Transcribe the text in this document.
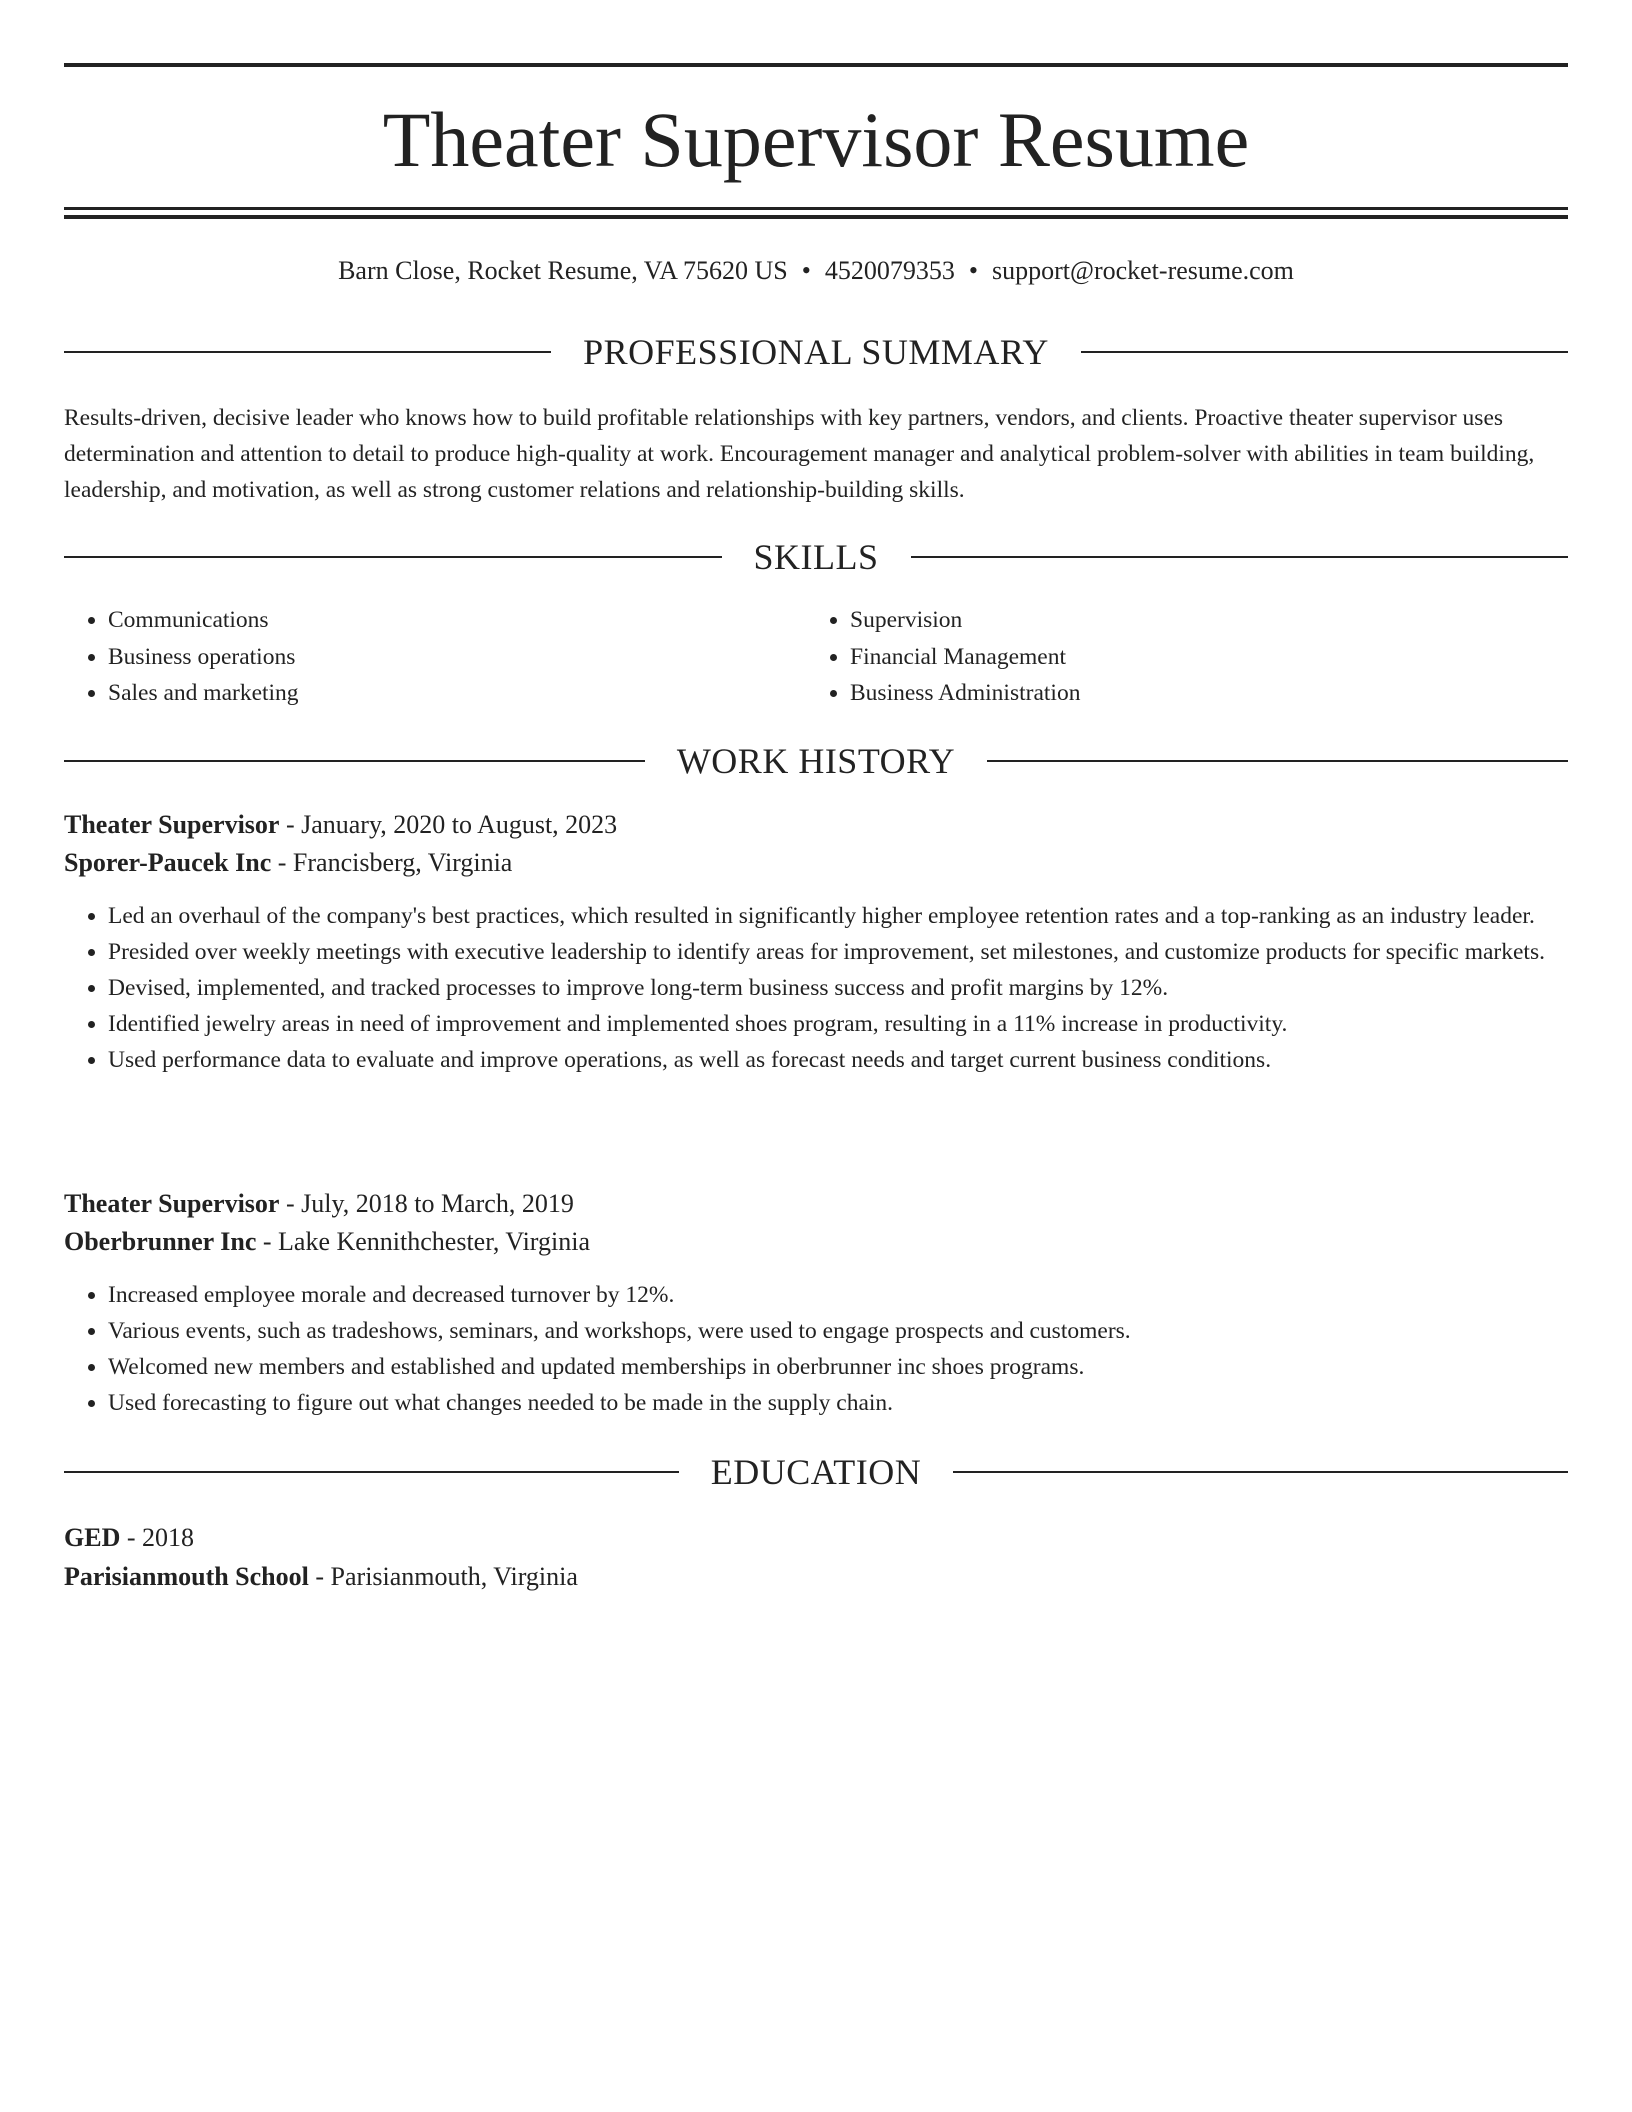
Theater Supervisor Resume
Barn Close, Rocket Resume, VA 75620 US • 4520079353 • support@rocket-resume.com
PROFESSIONAL SUMMARY

Results-driven, decisive leader who knows how to build profitable relationships with key partners, vendors, and clients. Proactive theater supervisor uses determination and attention to detail to produce high-quality at work. Encouragement manager and analytical problem-solver with abilities in team building, leadership, and motivation, as well as strong customer relations and relationship-building skills.

SKILLS
• Communications
• Business operations
• Sales and marketing
• Supervision
• Financial Management
• Business Administration
WORK HISTORY
Theater Supervisor - January, 2020 to August, 2023
Sporer-Paucek Inc - Francisberg, Virginia
• Led an overhaul of the company's best practices, which resulted in significantly higher employee retention rates and a top-ranking as an industry leader.
• Presided over weekly meetings with executive leadership to identify areas for improvement, set milestones, and customize products for specific markets.
• Devised, implemented, and tracked processes to improve long-term business success and profit margins by 12%.
• Identified jewelry areas in need of improvement and implemented shoes program, resulting in a 11% increase in productivity.
• Used performance data to evaluate and improve operations, as well as forecast needs and target current business conditions.
Theater Supervisor - July, 2018 to March, 2019
Oberbrunner Inc - Lake Kennithchester, Virginia
• Increased employee morale and decreased turnover by 12%.
• Various events, such as tradeshows, seminars, and workshops, were used to engage prospects and customers.
• Welcomed new members and established and updated memberships in oberbrunner inc shoes programs.
• Used forecasting to figure out what changes needed to be made in the supply chain.
EDUCATION
GED - 2018
Parisianmouth School - Parisianmouth, Virginia
